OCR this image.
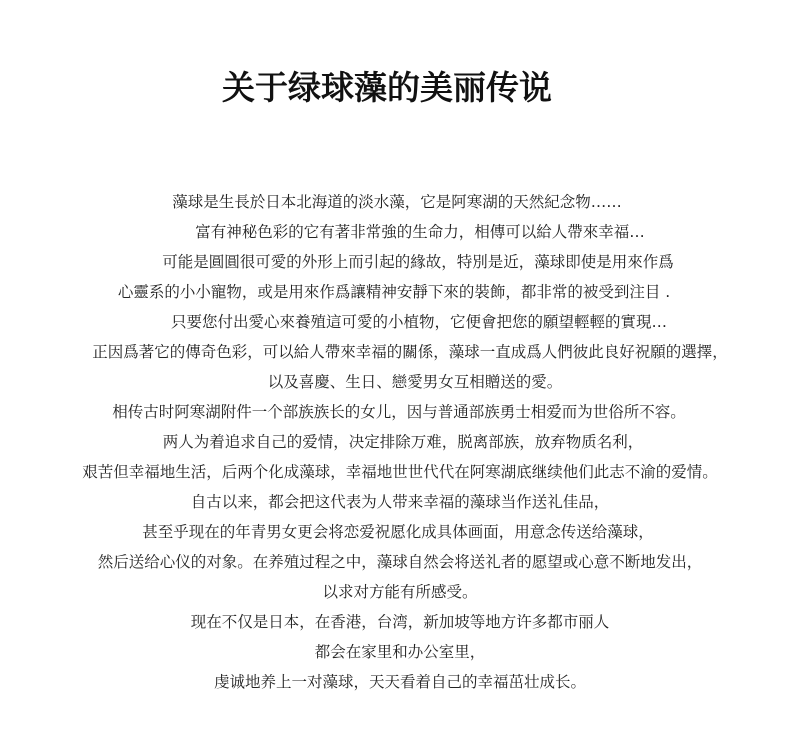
关于绿球藻的美丽传说
藻球是生長於日本北海道的淡水藻，它是阿寒湖的天然紀念物……
富有神秘色彩的它有著非常強的生命力，相傳可以給人帶來幸福…
可能是圓圓很可愛的外形上而引起的緣故，特別是近，藻球即使是用來作爲
心靈系的小小寵物，或是用來作爲讓精神安靜下來的裝飾，都非常的被受到注目 .
只要您付出愛心來養殖這可愛的小植物，它便會把您的願望輕輕的實現…
正因爲著它的傳奇色彩，可以給人帶來幸福的關係，藻球一直成爲人們彼此良好祝願的選擇，
以及喜慶、生日、戀愛男女互相贈送的愛。
相传古时阿寒湖附件一个部族族长的女儿，因与普通部族勇士相爱而为世俗所不容。
两人为着追求自己的爱情，决定排除万难，脱离部族，放弃物质名利，
艰苦但幸福地生活，后两个化成藻球，幸福地世世代代在阿寒湖底继续他们此志不渝的爱情。
自古以来，都会把这代表为人带来幸福的藻球当作送礼佳品，
甚至乎现在的年青男女更会将恋爱祝愿化成具体画面，用意念传送给藻球，
然后送给心仪的对象。在养殖过程之中，藻球自然会将送礼者的愿望或心意不断地发出，
以求对方能有所感受。
现在不仅是日本，在香港，台湾，新加坡等地方许多都市丽人
都会在家里和办公室里，
虔诚地养上一对藻球，天天看着自己的幸福茁壮成长。
